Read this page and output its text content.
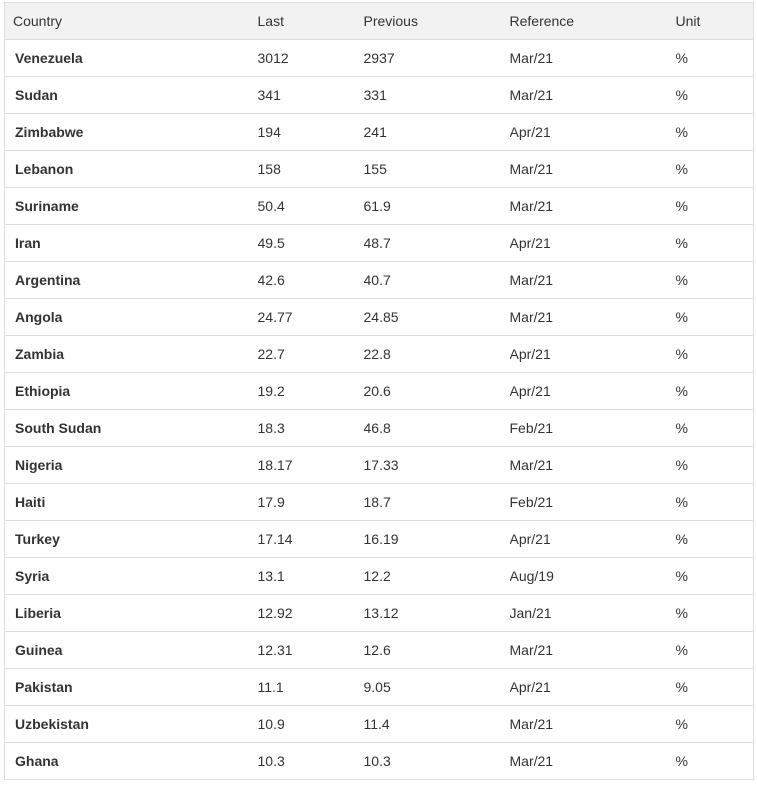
Country	Last	Previous	Reference	Unit
Venezuela	3012	2937	Mar/21	%
Sudan	341	331	Mar/21	%
Zimbabwe	194	241	Apr/21	%
Lebanon	158	155	Mar/21	%
Suriname	50.4	61.9	Mar/21	%
Iran	49.5	48.7	Apr/21	%
Argentina	42.6	40.7	Mar/21	%
Angola	24.77	24.85	Mar/21	%
Zambia	22.7	22.8	Apr/21	%
Ethiopia	19.2	20.6	Apr/21	%
South Sudan	18.3	46.8	Feb/21	%
Nigeria	18.17	17.33	Mar/21	%
Haiti	17.9	18.7	Feb/21	%
Turkey	17.14	16.19	Apr/21	%
Syria	13.1	12.2	Aug/19	%
Liberia	12.92	13.12	Jan/21	%
Guinea	12.31	12.6	Mar/21	%
Pakistan	11.1	9.05	Apr/21	%
Uzbekistan	10.9	11.4	Mar/21	%
Ghana	10.3	10.3	Mar/21	%
